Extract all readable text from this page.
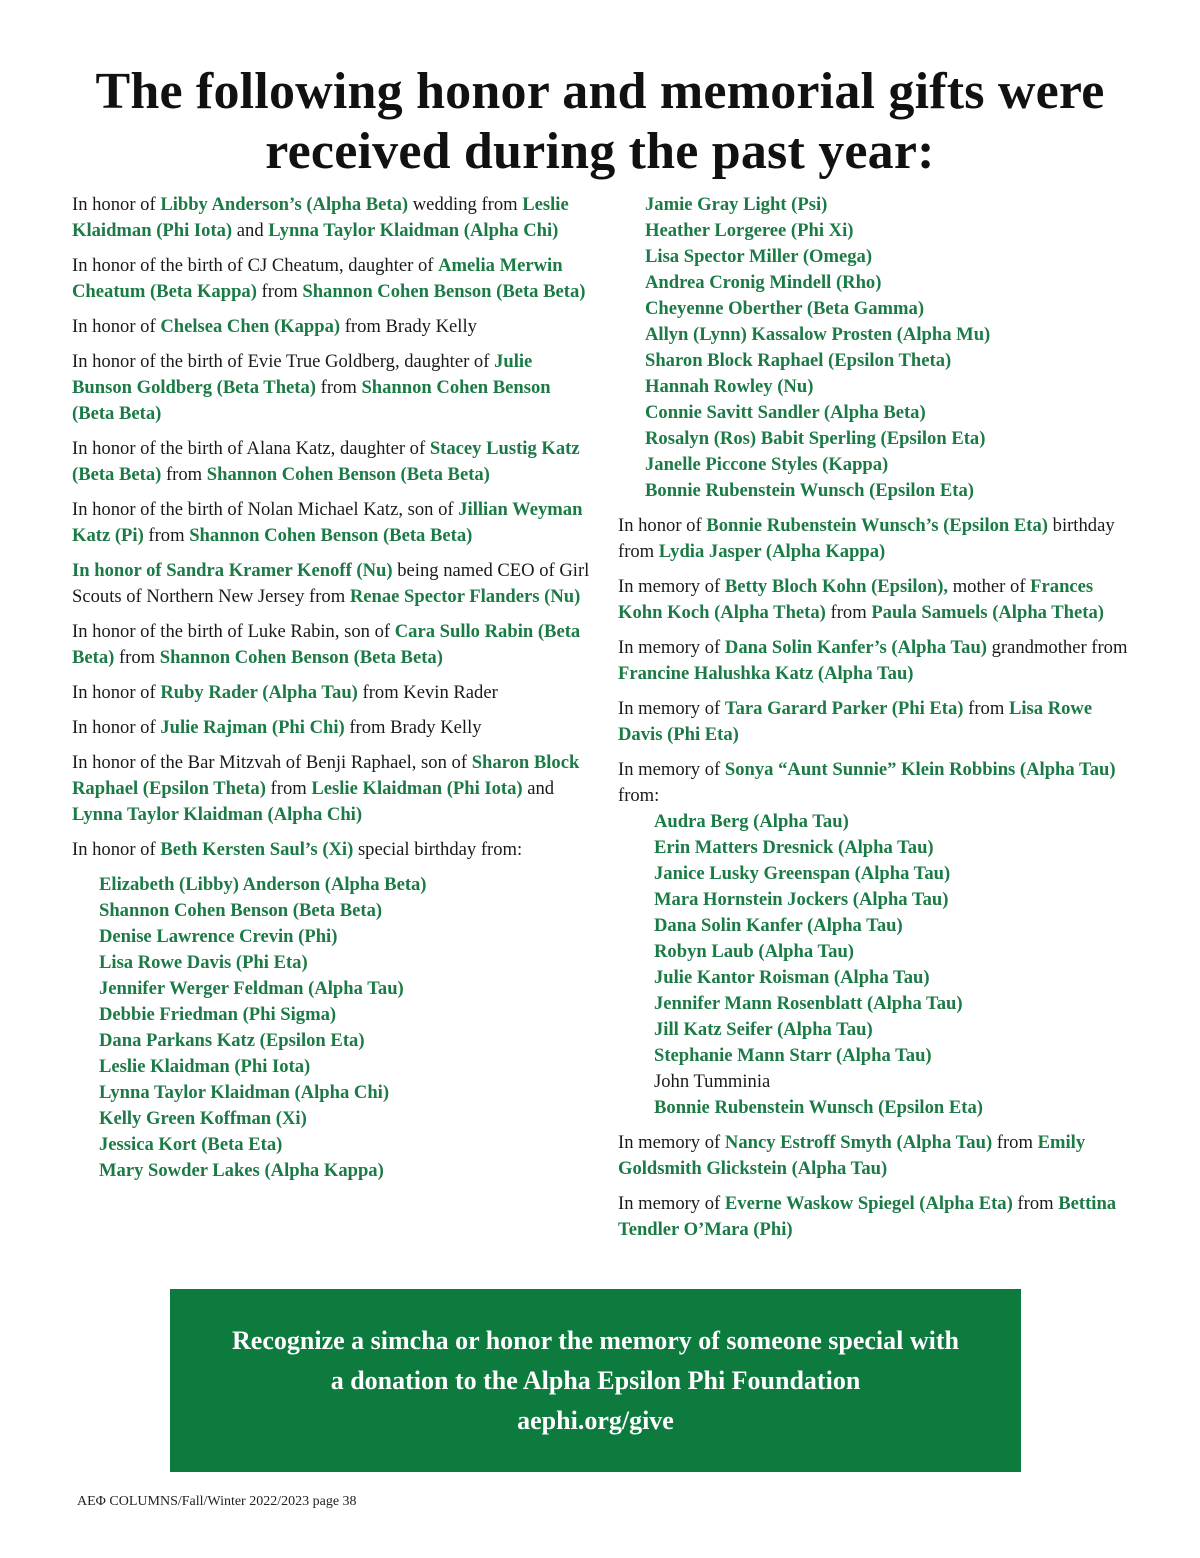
The following honor and memorial gifts were
received during the past year:

In honor of Libby Anderson’s (Alpha Beta) wedding from Leslie Klaidman (Phi Iota) and Lynna Taylor Klaidman (Alpha Chi)

In honor of the birth of CJ Cheatum, daughter of Amelia Merwin Cheatum (Beta Kappa) from Shannon Cohen Benson (Beta Beta)

In honor of Chelsea Chen (Kappa) from Brady Kelly

In honor of the birth of Evie True Goldberg, daughter of Julie Bunson Goldberg (Beta Theta) from Shannon Cohen Benson (Beta Beta)

In honor of the birth of Alana Katz, daughter of Stacey Lustig Katz (Beta Beta) from Shannon Cohen Benson (Beta Beta)

In honor of the birth of Nolan Michael Katz, son of Jillian Weyman Katz (Pi) from Shannon Cohen Benson (Beta Beta)

In honor of Sandra Kramer Kenoff (Nu) being named CEO of Girl Scouts of Northern New Jersey from Renae Spector Flanders (Nu)

In honor of the birth of Luke Rabin, son of Cara Sullo Rabin (Beta Beta) from Shannon Cohen Benson (Beta Beta)

In honor of Ruby Rader (Alpha Tau) from Kevin Rader

In honor of Julie Rajman (Phi Chi) from Brady Kelly

In honor of the Bar Mitzvah of Benji Raphael, son of Sharon Block Raphael (Epsilon Theta) from Leslie Klaidman (Phi Iota) and Lynna Taylor Klaidman (Alpha Chi)

In honor of Beth Kersten Saul’s (Xi) special birthday from:

Elizabeth (Libby) Anderson (Alpha Beta)
Shannon Cohen Benson (Beta Beta)
Denise Lawrence Crevin (Phi)
Lisa Rowe Davis (Phi Eta)
Jennifer Werger Feldman (Alpha Tau)
Debbie Friedman (Phi Sigma)
Dana Parkans Katz (Epsilon Eta)
Leslie Klaidman (Phi Iota)
Lynna Taylor Klaidman (Alpha Chi)
Kelly Green Koffman (Xi)
Jessica Kort (Beta Eta)
Mary Sowder Lakes (Alpha Kappa)
Jamie Gray Light (Psi)
Heather Lorgeree (Phi Xi)
Lisa Spector Miller (Omega)
Andrea Cronig Mindell (Rho)
Cheyenne Oberther (Beta Gamma)
Allyn (Lynn) Kassalow Prosten (Alpha Mu)
Sharon Block Raphael (Epsilon Theta)
Hannah Rowley (Nu)
Connie Savitt Sandler (Alpha Beta)
Rosalyn (Ros) Babit Sperling (Epsilon Eta)
Janelle Piccone Styles (Kappa)
Bonnie Rubenstein Wunsch (Epsilon Eta)

In honor of Bonnie Rubenstein Wunsch’s (Epsilon Eta) birthday from Lydia Jasper (Alpha Kappa)

In memory of Betty Bloch Kohn (Epsilon), mother of Frances Kohn Koch (Alpha Theta) from Paula Samuels (Alpha Theta)

In memory of Dana Solin Kanfer’s (Alpha Tau) grandmother from Francine Halushka Katz (Alpha Tau)

In memory of Tara Garard Parker (Phi Eta) from Lisa Rowe Davis (Phi Eta)

In memory of Sonya “Aunt Sunnie” Klein Robbins (Alpha Tau) from:

Audra Berg (Alpha Tau)
Erin Matters Dresnick (Alpha Tau)
Janice Lusky Greenspan (Alpha Tau)
Mara Hornstein Jockers (Alpha Tau)
Dana Solin Kanfer (Alpha Tau)
Robyn Laub (Alpha Tau)
Julie Kantor Roisman (Alpha Tau)
Jennifer Mann Rosenblatt (Alpha Tau)
Jill Katz Seifer (Alpha Tau)
Stephanie Mann Starr (Alpha Tau)
John Tumminia
Bonnie Rubenstein Wunsch (Epsilon Eta)

In memory of Nancy Estroff Smyth (Alpha Tau) from Emily Goldsmith Glickstein (Alpha Tau)

In memory of Everne Waskow Spiegel (Alpha Eta) from Bettina Tendler O’Mara (Phi)

Recognize a simcha or honor the memory of someone special with
a donation to the Alpha Epsilon Phi Foundation
aephi.org/give
ΑΕΦ COLUMNS/Fall/Winter 2022/2023 page 38
